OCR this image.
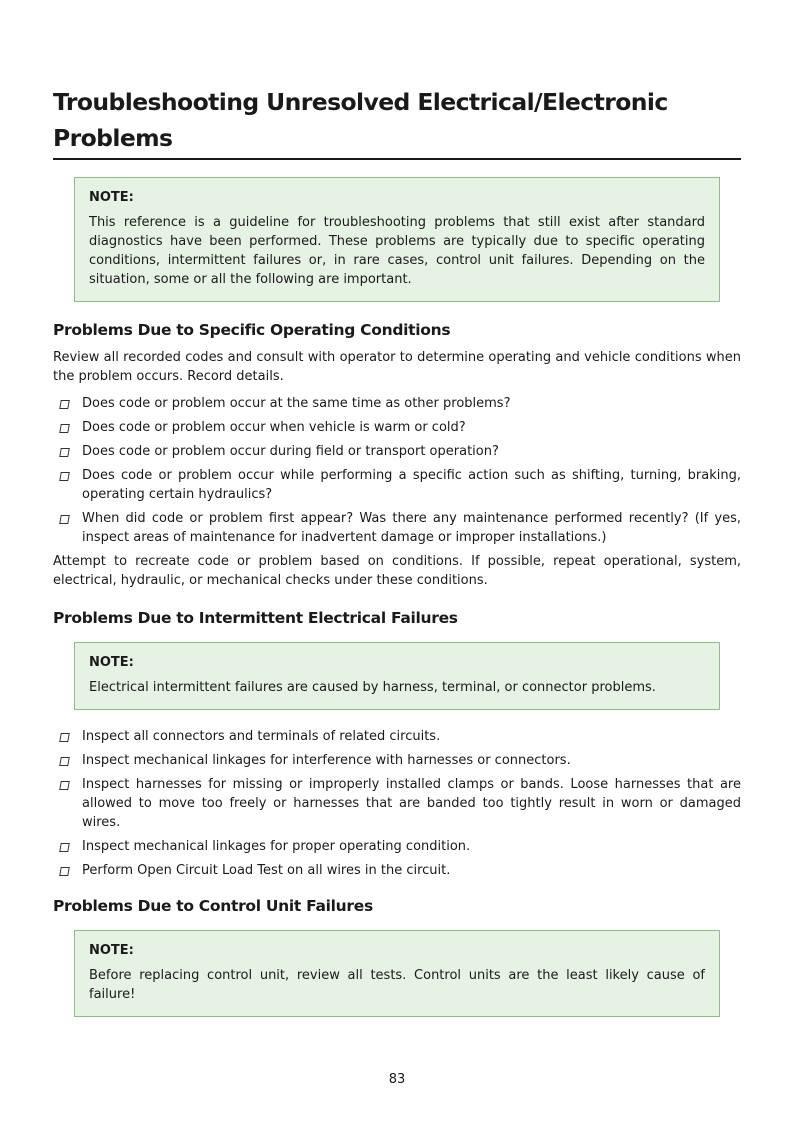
Troubleshooting Unresolved Electrical/Electronic Problems
NOTE:
This reference is a guideline for troubleshooting problems that still exist after standard diagnostics have been performed. These problems are typically due to specific operating conditions, intermittent failures or, in rare cases, control unit failures. Depending on the situation, some or all the following are important.
Problems Due to Specific Operating Conditions

Review all recorded codes and consult with operator to determine operating and vehicle conditions when the problem occurs. Record details.

Does code or problem occur at the same time as other problems?
Does code or problem occur when vehicle is warm or cold?
Does code or problem occur during field or transport operation?
Does code or problem occur while performing a specific action such as shifting, turning, braking, operating certain hydraulics?
When did code or problem first appear? Was there any maintenance performed recently? (If yes, inspect areas of maintenance for inadvertent damage or improper installations.)

Attempt to recreate code or problem based on conditions. If possible, repeat operational, system, electrical, hydraulic, or mechanical checks under these conditions.

Problems Due to Intermittent Electrical Failures
NOTE:
Electrical intermittent failures are caused by harness, terminal, or connector problems.
Inspect all connectors and terminals of related circuits.
Inspect mechanical linkages for interference with harnesses or connectors.
Inspect harnesses for missing or improperly installed clamps or bands. Loose harnesses that are allowed to move too freely or harnesses that are banded too tightly result in worn or damaged wires.
Inspect mechanical linkages for proper operating condition.
Perform Open Circuit Load Test on all wires in the circuit.
Problems Due to Control Unit Failures
NOTE:
Before replacing control unit, review all tests. Control units are the least likely cause of failure!
83
